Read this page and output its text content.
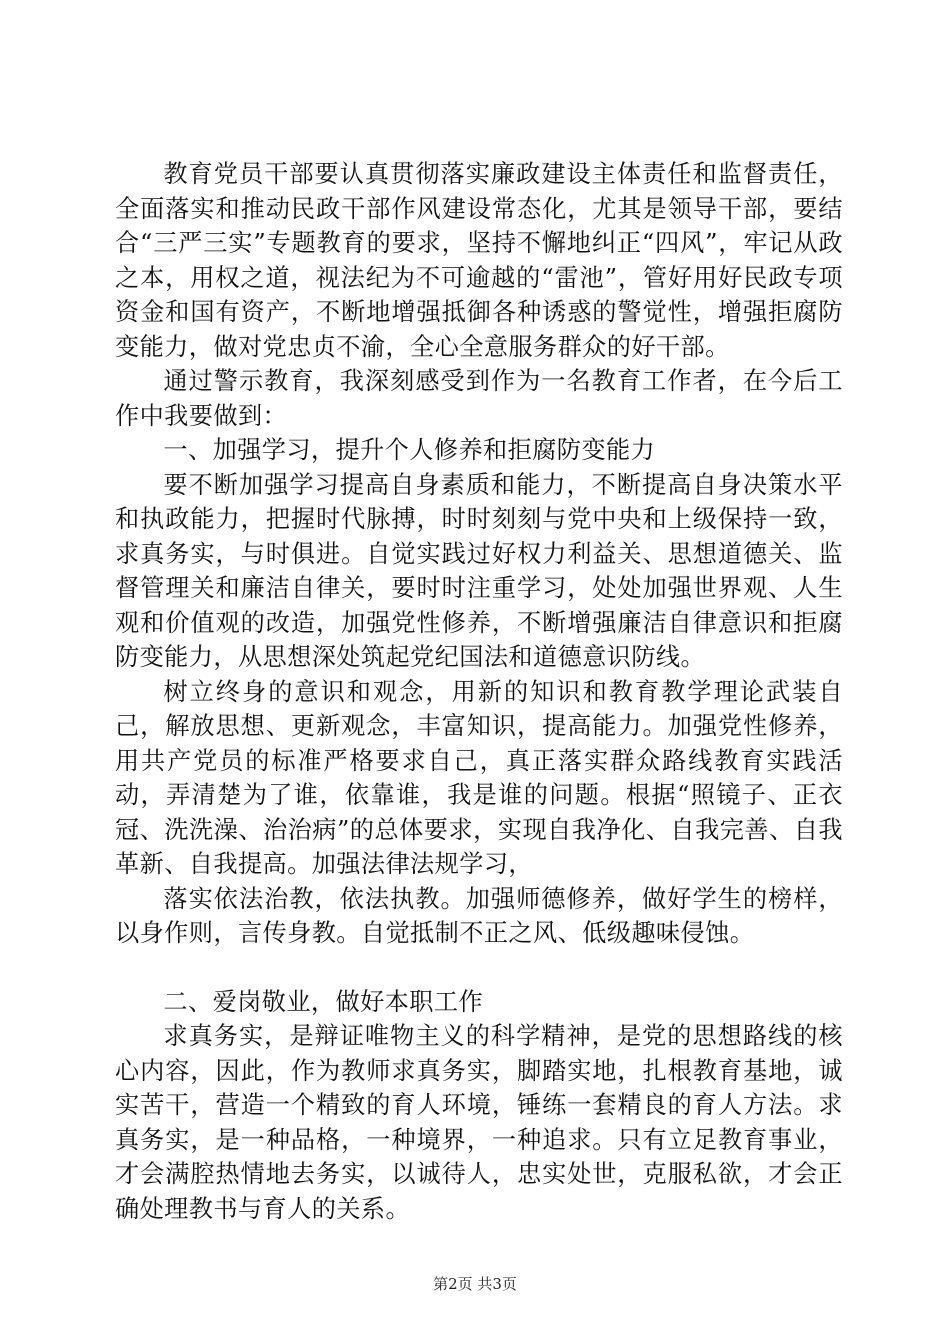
教育党员干部要认真贯彻落实廉政建设主体责任和监督责任，全面落实和推动民政干部作风建设常态化，尤其是领导干部，要结合“三严三实”专题教育的要求，坚持不懈地纠正“四风”，牢记从政之本，用权之道，视法纪为不可逾越的“雷池”，管好用好民政专项资金和国有资产，不断地增强抵御各种诱惑的警觉性，增强拒腐防变能力，做对党忠贞不渝，全心全意服务群众的好干部。

通过警示教育，我深刻感受到作为一名教育工作者，在今后工作中我要做到：

一、加强学习，提升个人修养和拒腐防变能力

要不断加强学习提高自身素质和能力，不断提高自身决策水平和执政能力，把握时代脉搏，时时刻刻与党中央和上级保持一致，求真务实，与时俱进。自觉实践过好权力利益关、思想道德关、监督管理关和廉洁自律关，要时时注重学习，处处加强世界观、人生观和价值观的改造，加强党性修养，不断增强廉洁自律意识和拒腐防变能力，从思想深处筑起党纪国法和道德意识防线。

树立终身的意识和观念，用新的知识和教育教学理论武装自己，解放思想、更新观念，丰富知识，提高能力。加强党性修养，用共产党员的标准严格要求自己，真正落实群众路线教育实践活动，弄清楚为了谁，依靠谁，我是谁的问题。根据“照镜子、正衣冠、洗洗澡、治治病”的总体要求，实现自我净化、自我完善、自我革新、自我提高。加强法律法规学习，

落实依法治教，依法执教。加强师德修养，做好学生的榜样，以身作则，言传身教。自觉抵制不正之风、低级趣味侵蚀。

二、爱岗敬业，做好本职工作

求真务实，是辩证唯物主义的科学精神，是党的思想路线的核心内容，因此，作为教师求真务实，脚踏实地，扎根教育基地，诚实苦干，营造一个精致的育人环境，锤练一套精良的育人方法。求真务实，是一种品格，一种境界，一种追求。只有立足教育事业，才会满腔热情地去务实，以诚待人，忠实处世，克服私欲，才会正确处理教书与育人的关系。

第2页 共3页
